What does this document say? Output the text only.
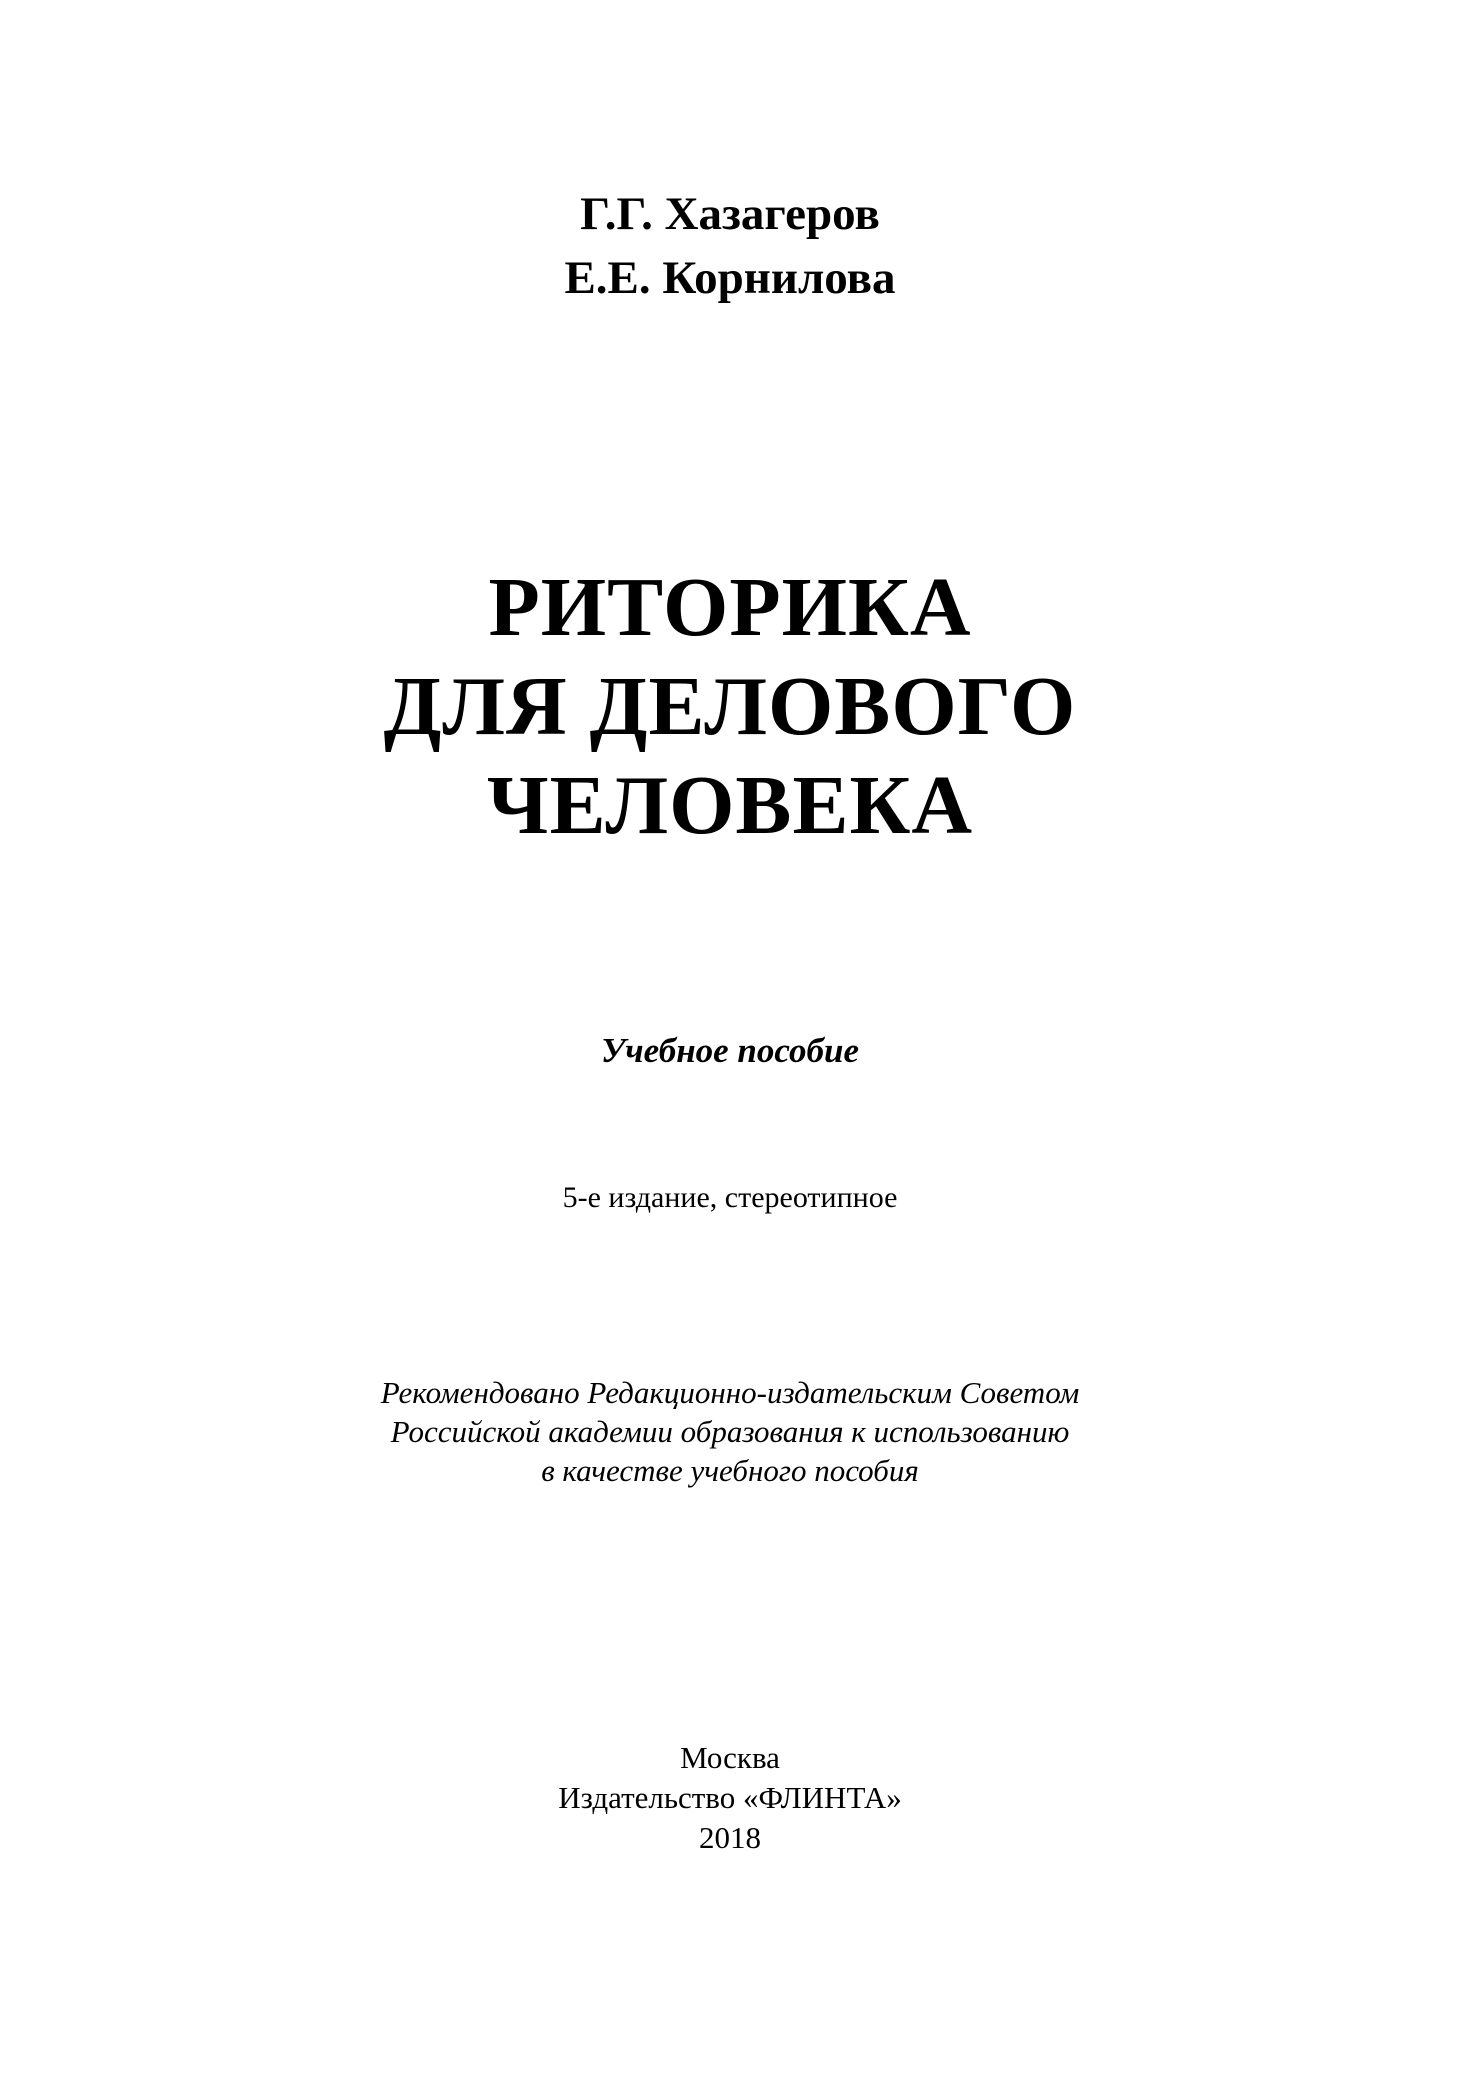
Г.Г. Хазагеров
Е.Е. Корнилова
РИТОРИКА
ДЛЯ ДЕЛОВОГО
ЧЕЛОВЕКА
Учебное пособие
5-е издание, стереотипное
Рекомендовано Редакционно-издательским Советом
Российской академии образования к использованию
в качестве учебного пособия
Москва
Издательство «ФЛИНТА»
2018
